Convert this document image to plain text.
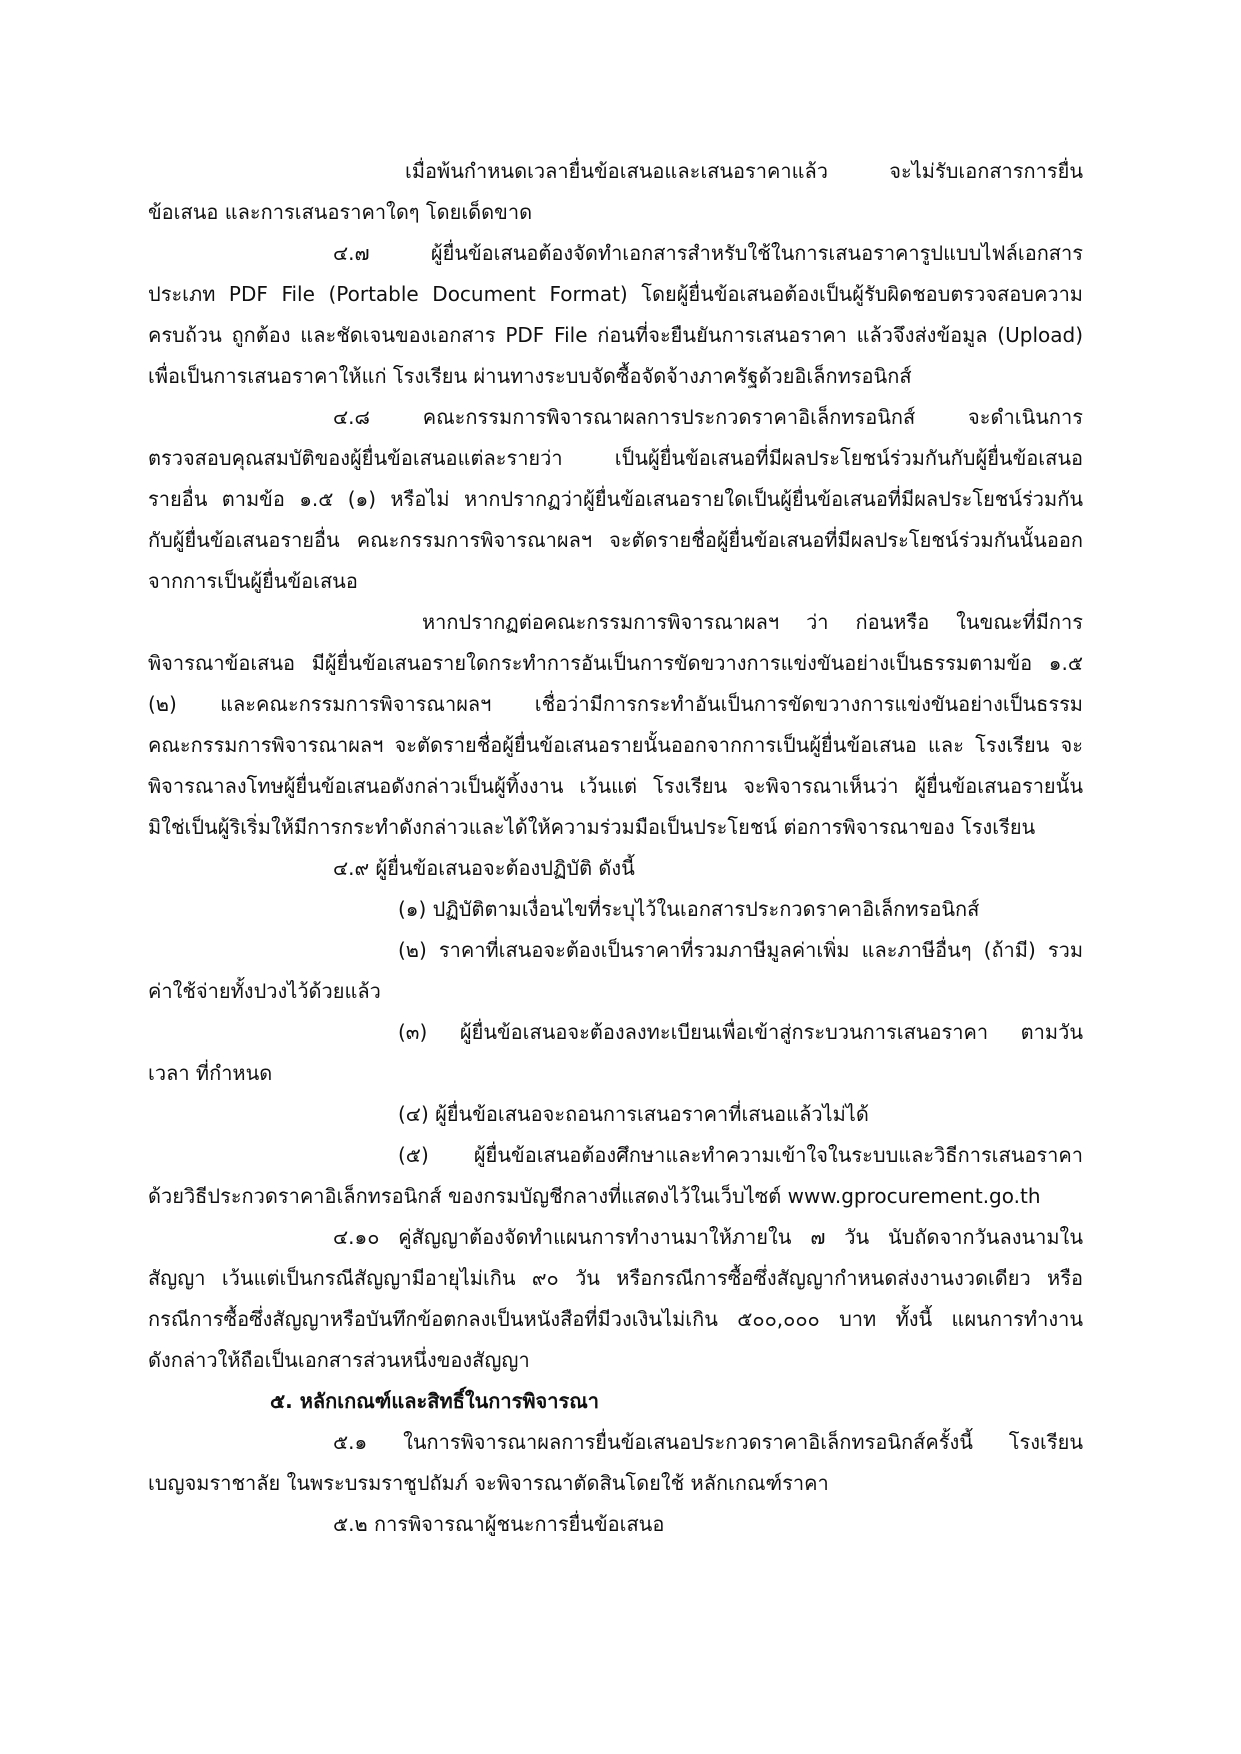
เมื่อพ้นกำหนดเวลายื่นข้อเสนอและเสนอราคาแล้ว จะไม่รับเอกสารการยื่น
ข้อเสนอ และการเสนอราคาใดๆ โดยเด็ดขาด
๔.๗ ผู้ยื่นข้อเสนอต้องจัดทำเอกสารสำหรับใช้ในการเสนอราคารูปแบบไฟล์เอกสาร
ประเภท PDF File (Portable Document Format) โดยผู้ยื่นข้อเสนอต้องเป็นผู้รับผิดชอบตรวจสอบความ
ครบถ้วน ถูกต้อง และชัดเจนของเอกสาร PDF File ก่อนที่จะยืนยันการเสนอราคา แล้วจึงส่งข้อมูล (Upload)
เพื่อเป็นการเสนอราคาให้แก่ โรงเรียน ผ่านทางระบบจัดซื้อจัดจ้างภาครัฐด้วยอิเล็กทรอนิกส์
๔.๘ คณะกรรมการพิจารณาผลการประกวดราคาอิเล็กทรอนิกส์ จะดำเนินการ
ตรวจสอบคุณสมบัติของผู้ยื่นข้อเสนอแต่ละรายว่า เป็นผู้ยื่นข้อเสนอที่มีผลประโยชน์ร่วมกันกับผู้ยื่นข้อเสนอ
รายอื่น ตามข้อ ๑.๕ (๑) หรือไม่ หากปรากฏว่าผู้ยื่นข้อเสนอรายใดเป็นผู้ยื่นข้อเสนอที่มีผลประโยชน์ร่วมกัน
กับผู้ยื่นข้อเสนอรายอื่น คณะกรรมการพิจารณาผลฯ จะตัดรายชื่อผู้ยื่นข้อเสนอที่มีผลประโยชน์ร่วมกันนั้นออก
จากการเป็นผู้ยื่นข้อเสนอ
หากปรากฏต่อคณะกรรมการพิจารณาผลฯ ว่า ก่อนหรือ ในขณะที่มีการ
พิจารณาข้อเสนอ มีผู้ยื่นข้อเสนอรายใดกระทำการอันเป็นการขัดขวางการแข่งขันอย่างเป็นธรรมตามข้อ ๑.๕
(๒) และคณะกรรมการพิจารณาผลฯ เชื่อว่ามีการกระทำอันเป็นการขัดขวางการแข่งขันอย่างเป็นธรรม
คณะกรรมการพิจารณาผลฯ จะตัดรายชื่อผู้ยื่นข้อเสนอรายนั้นออกจากการเป็นผู้ยื่นข้อเสนอ และ โรงเรียน จะ
พิจารณาลงโทษผู้ยื่นข้อเสนอดังกล่าวเป็นผู้ทิ้งงาน เว้นแต่ โรงเรียน จะพิจารณาเห็นว่า ผู้ยื่นข้อเสนอรายนั้น
มิใช่เป็นผู้ริเริ่มให้มีการกระทำดังกล่าวและได้ให้ความร่วมมือเป็นประโยชน์ ต่อการพิจารณาของ โรงเรียน
๔.๙ ผู้ยื่นข้อเสนอจะต้องปฏิบัติ ดังนี้
(๑) ปฏิบัติตามเงื่อนไขที่ระบุไว้ในเอกสารประกวดราคาอิเล็กทรอนิกส์
(๒) ราคาที่เสนอจะต้องเป็นราคาที่รวมภาษีมูลค่าเพิ่ม และภาษีอื่นๆ (ถ้ามี) รวม
ค่าใช้จ่ายทั้งปวงไว้ด้วยแล้ว
(๓) ผู้ยื่นข้อเสนอจะต้องลงทะเบียนเพื่อเข้าสู่กระบวนการเสนอราคา ตามวัน
เวลา ที่กำหนด
(๔) ผู้ยื่นข้อเสนอจะถอนการเสนอราคาที่เสนอแล้วไม่ได้
(๕) ผู้ยื่นข้อเสนอต้องศึกษาและทำความเข้าใจในระบบและวิธีการเสนอราคา
ด้วยวิธีประกวดราคาอิเล็กทรอนิกส์ ของกรมบัญชีกลางที่แสดงไว้ในเว็บไซต์ www.gprocurement.go.th
๔.๑๐ คู่สัญญาต้องจัดทำแผนการทำงานมาให้ภายใน ๗ วัน นับถัดจากวันลงนามใน
สัญญา เว้นแต่เป็นกรณีสัญญามีอายุไม่เกิน ๙๐ วัน หรือกรณีการซื้อซึ่งสัญญากำหนดส่งงานงวดเดียว หรือ
กรณีการซื้อซึ่งสัญญาหรือบันทึกข้อตกลงเป็นหนังสือที่มีวงเงินไม่เกิน ๕๐๐,๐๐๐ บาท ทั้งนี้ แผนการทำงาน
ดังกล่าวให้ถือเป็นเอกสารส่วนหนึ่งของสัญญา
๕. หลักเกณฑ์และสิทธิ์ในการพิจารณา
๕.๑ ในการพิจารณาผลการยื่นข้อเสนอประกวดราคาอิเล็กทรอนิกส์ครั้งนี้ โรงเรียน
เบญจมราชาลัย ในพระบรมราชูปถัมภ์ จะพิจารณาตัดสินโดยใช้ หลักเกณฑ์ราคา
๕.๒ การพิจารณาผู้ชนะการยื่นข้อเสนอ
